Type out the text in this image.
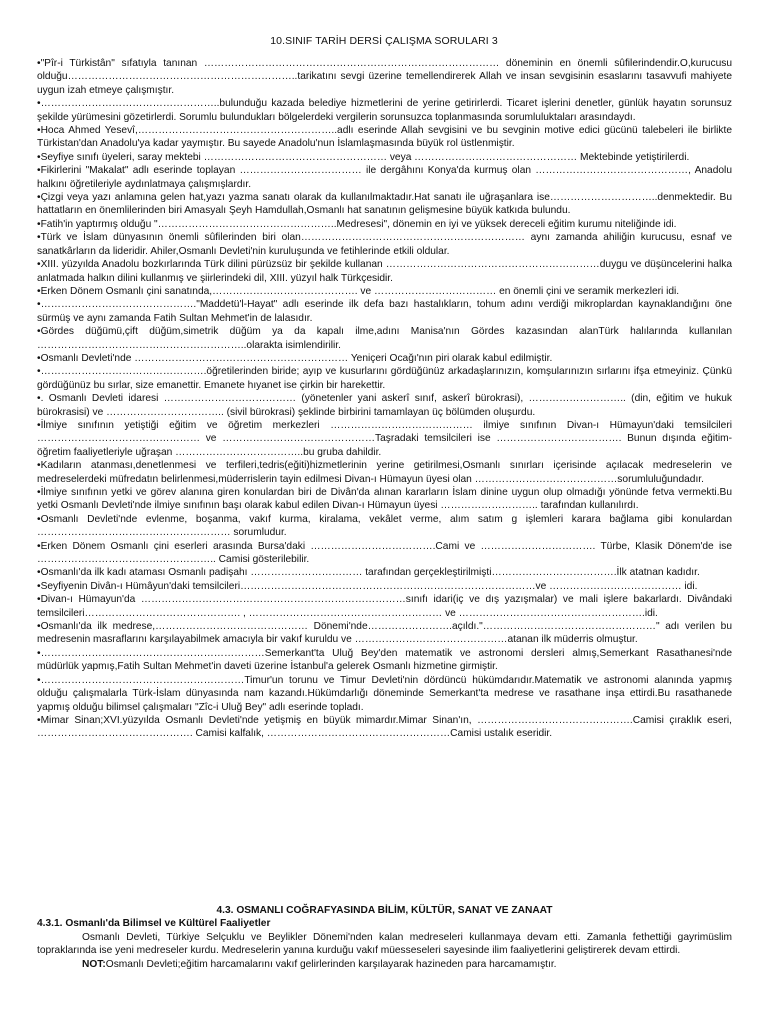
10.SINIF TARİH DERSİ ÇALIŞMA SORULARI 3
•"Pîr-i Türkistân" sıfatıyla tanınan …………………………………………………………………………… döneminin en önemli sûfilerindendir.O,kurucusu olduğu…………………………………………………………..tarikatını sevgi üzerine temellendirerek Allah ve insan sevgisinin esaslarını tasavvufi mahiyete uygun izah etmeye çalışmıştır.
•……………………………………………..bulunduğu kazada belediye hizmetlerini de yerine getirirlerdi. Ticaret işlerini denetler, günlük hayatın sorunsuz şekilde yürümesini gözetirlerdi. Sorumlu bulundukları bölgelerdeki vergilerin sorunsuzca toplanmasında sorumluluktaları arasındaydı.
•Hoca Ahmed Yesevî,…………………………………………………..adlı eserinde Allah sevgisini ve bu sevginin motive edici gücünü talebeleri ile birlikte Türkistan'dan Anadolu'ya kadar yaymıştır. Bu sayede Anadolu'nun İslamlaşmasında büyük rol üstlenmiştir.
•Seyfiye sınıfı üyeleri, saray mektebi ……………………………………………… veya ………………………………………… Mektebinde yetiştirilerdi.
•Fikirlerini "Makalat" adlı eserinde toplayan ……………………………… ile dergâhını Konya'da kurmuş olan ………………………………………, Anadolu halkını öğretileriyle aydınlatmaya çalışmışlardır.
•Çizgi veya yazı anlamına gelen hat,yazı yazma sanatı olarak da kullanılmaktadır.Hat sanatı ile uğraşanlara ise…………………………..denmektedir. Bu hattatların en önemlilerinden biri Amasyalı Şeyh Hamdullah,Osmanlı hat sanatının gelişmesine büyük katkıda bulundu.
•Fatih'in yaptırmış olduğu "……………………………………………..Medresesi", dönemin en iyi ve yüksek dereceli eğitim kurumu niteliğinde idi.
•Türk ve İslam dünyasının önemli sûfilerinden biri olan………………………………………………………… aynı zamanda ahiliğin kurucusu, esnaf ve sanatkârların da lideridir. Ahiler,Osmanlı Devleti'nin kuruluşunda ve fetihlerinde etkili oldular.
•XIII. yüzyılda Anadolu bozkırlarında Türk dilini pürüzsüz bir şekilde kullanan ………………………………………………………duygu ve düşüncelerini halka anlatmada halkın dilini kullanmış ve şiirlerindeki dil, XIII. yüzyıl halk Türkçesidir.
•Erken Dönem Osmanlı çini sanatında,……………………………………. ve ……………………………… en önemli çini ve seramik merkezleri idi.
•………………………………………."Maddetü'l-Hayat" adlı eserinde ilk defa bazı hastalıkların, tohum adını verdiği mikroplardan kaynaklandığını öne sürmüş ve aynı zamanda Fatih Sultan Mehmet'in de lalasıdır.
•Gördes düğümü,çift düğüm,simetrik düğüm ya da kapalı ilme,adını Manisa'nın Gördes kazasından alanTürk halılarında kullanılan ……………………………………………………..olarakta isimlendirilir.
•Osmanlı Devleti'nde ……………………………………………………… Yeniçeri Ocağı'nın piri olarak kabul edilmiştir.
•………………………………………….öğretilerinden biride; ayıp ve kusurlarını gördüğünüz arkadaşlarınızın, komşularınızın sırlarını ifşa etmeyiniz. Çünkü gördüğünüz bu sırlar, size emanettir. Emanete hıyanet ise çirkin bir harekettir.
•. Osmanlı Devleti idaresi ………………………………… (yönetenler yani askerî sınıf, askerî bürokrasi), ……………………….. (din, eğitim ve hukuk bürokrasisi) ve …………………………….. (sivil bürokrasi) şeklinde birbirini tamamlayan üç bölümden oluşurdu.
•İlmiye sınıfının yetiştiği eğitim ve öğretim merkezleri …………………………………… ilmiye sınıfının Divan-ı Hümayun'daki temsilcileri ………………………………………… ve ………………………………………Taşradaki temsilcileri ise ………………………………. Bunun dışında eğitim-öğretim faaliyetleriyle uğraşan ………………………………..bu gruba dahildir.
•Kadıların atanması,denetlenmesi ve terfileri,tedris(eğiti)hizmetlerinin yerine getirilmesi,Osmanlı sınırları içerisinde açılacak medreselerin ve medreselerdeki müfredatın belirlenmesi,müderrislerin tayin edilmesi Divan-ı Hümayun üyesi olan ……………………………………sorumluluğundadır.
•İlmiye sınıfının yetki ve görev alanına giren konulardan biri de Divân'da alınan kararların İslam dinine uygun olup olmadığı yönünde fetva vermekti.Bu yetki Osmanlı Devleti'nde ilmiye sınıfının başı olarak kabul edilen Divan-ı Hümayun üyesi ……………………….. tarafından kullanılırdı.
•Osmanlı Devleti'nde evlenme, boşanma, vakıf kurma, kiralama, vekâlet verme, alım satım g işlemleri karara bağlama gibi konulardan ………………………………………………… sorumludur.
•Erken Dönem Osmanlı çini eserleri arasında Bursa'daki ……………………………….Cami ve ……………………………. Türbe, Klasik Dönem'de ise …………………………………………….. Camisi gösterilebilir.
•Osmanlı'da ilk kadı ataması Osmanlı padişahı …………………………… tarafından gerçekleştirilmişti……………………………….İlk atatnan kadıdır.
•Seyfiyenin Divân-ı Hümâyun'daki temsilcileri……………………………………………………………………………ve ………………………………… idi.
•Divan-ı Hümayun'da ……………………………………………………………………sınıfı idari(iç ve dış yazışmalar) ve mali işlere bakarlardı. Divândaki temsilcileri………………………………………. , ………………………………………………… ve ……………………………………………….idi.
•Osmanlı'da ilk medrese,……………………………………… Dönemi'nde…………………….açıldı."……………………………………………" adı verilen bu medresenin masraflarını karşılayabilmek amacıyla bir vakıf kuruldu ve ………………………………………atanan ilk müderris olmuştur.
•…………………………………………………………Semerkant'ta Uluğ Bey'den matematik ve astronomi dersleri almış,Semerkant Rasathanesi'nde müdürlük yapmış,Fatih Sultan Mehmet'in daveti üzerine İstanbul'a gelerek Osmanlı hizmetine girmiştir.
•……………………………………………………Timur'un torunu ve Timur Devleti'nin dördüncü hükümdarıdır.Matematik ve astronomi alanında yapmış olduğu çalışmalarla Türk-İslam dünyasında nam kazandı.Hükümdarlığı döneminde Semerkant'ta medrese ve rasathane inşa ettirdi.Bu rasathanede yapmış olduğu bilimsel çalışmaları "Zîc-i Uluğ Bey" adlı eserinde topladı.
•Mimar Sinan;XVI.yüzyılda Osmanlı Devleti'nde yetişmiş en büyük mimardır.Mimar Sinan'ın, ……………………………………….Camisi çıraklık eseri, ………………………………………. Camisi kalfalık, ………………………………………………Camisi ustalık eseridir.

4.3. OSMANLI COĞRAFYASINDA BİLİM, KÜLTÜR, SANAT VE ZANAAT

4.3.1. Osmanlı'da Bilimsel ve Kültürel Faaliyetler

Osmanlı Devleti, Türkiye Selçuklu ve Beylikler Dönemi'nden kalan medreseleri kullanmaya devam etti. Zamanla fethettiği gayrimüslim topraklarında ise yeni medreseler kurdu. Medreselerin yanına kurduğu vakıf müesseseleri sayesinde ilim faaliyetlerini geliştirerek devam ettirdi.

NOT:Osmanlı Devleti;eğitim harcamalarını vakıf gelirlerinden karşılayarak hazineden para harcamamıştır.
